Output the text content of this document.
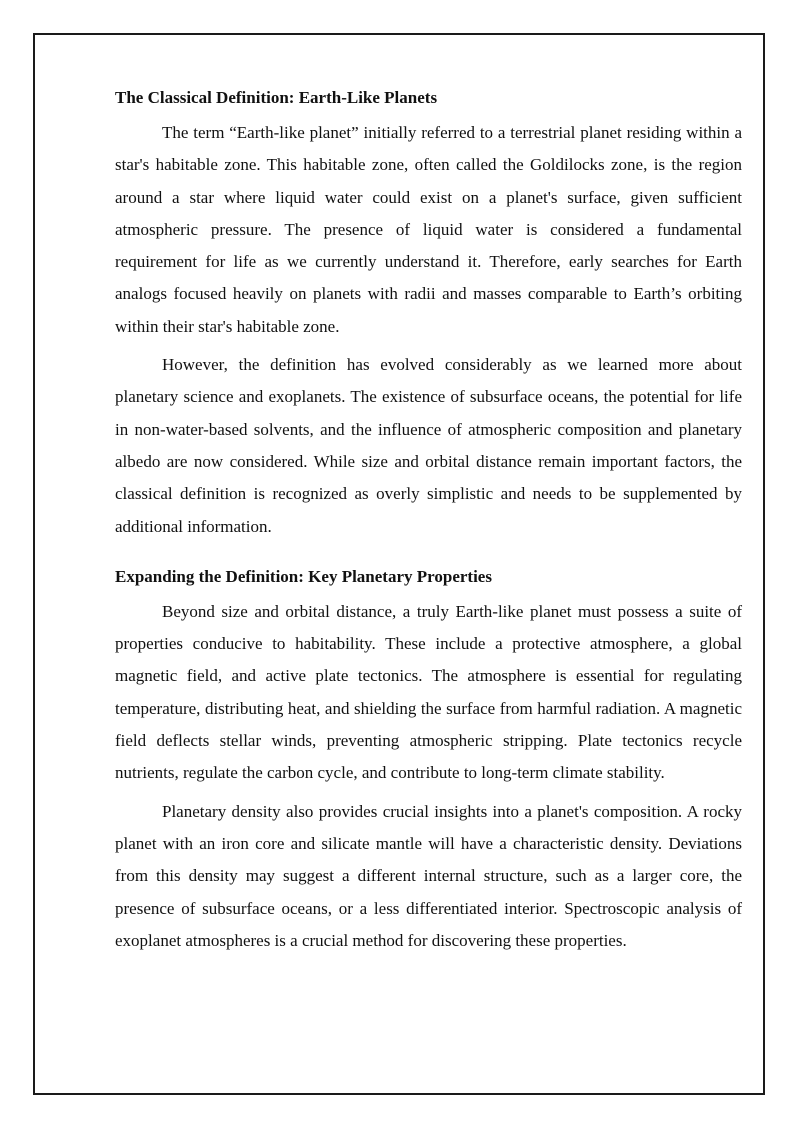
The Classical Definition: Earth-Like Planets

The term “Earth-like planet” initially referred to a terrestrial planet residing within a star's habitable zone. This habitable zone, often called the Goldilocks zone, is the region around a star where liquid water could exist on a planet's surface, given sufficient atmospheric pressure. The presence of liquid water is considered a fundamental requirement for life as we currently understand it. Therefore, early searches for Earth analogs focused heavily on planets with radii and masses comparable to Earth’s orbiting within their star's habitable zone.

However, the definition has evolved considerably as we learned more about planetary science and exoplanets. The existence of subsurface oceans, the potential for life in non-water-based solvents, and the influence of atmospheric composition and planetary albedo are now considered. While size and orbital distance remain important factors, the classical definition is recognized as overly simplistic and needs to be supplemented by additional information.

Expanding the Definition: Key Planetary Properties

Beyond size and orbital distance, a truly Earth-like planet must possess a suite of properties conducive to habitability. These include a protective atmosphere, a global magnetic field, and active plate tectonics. The atmosphere is essential for regulating temperature, distributing heat, and shielding the surface from harmful radiation. A magnetic field deflects stellar winds, preventing atmospheric stripping. Plate tectonics recycle nutrients, regulate the carbon cycle, and contribute to long-term climate stability.

Planetary density also provides crucial insights into a planet's composition. A rocky planet with an iron core and silicate mantle will have a characteristic density. Deviations from this density may suggest a different internal structure, such as a larger core, the presence of subsurface oceans, or a less differentiated interior. Spectroscopic analysis of exoplanet atmospheres is a crucial method for discovering these properties.
